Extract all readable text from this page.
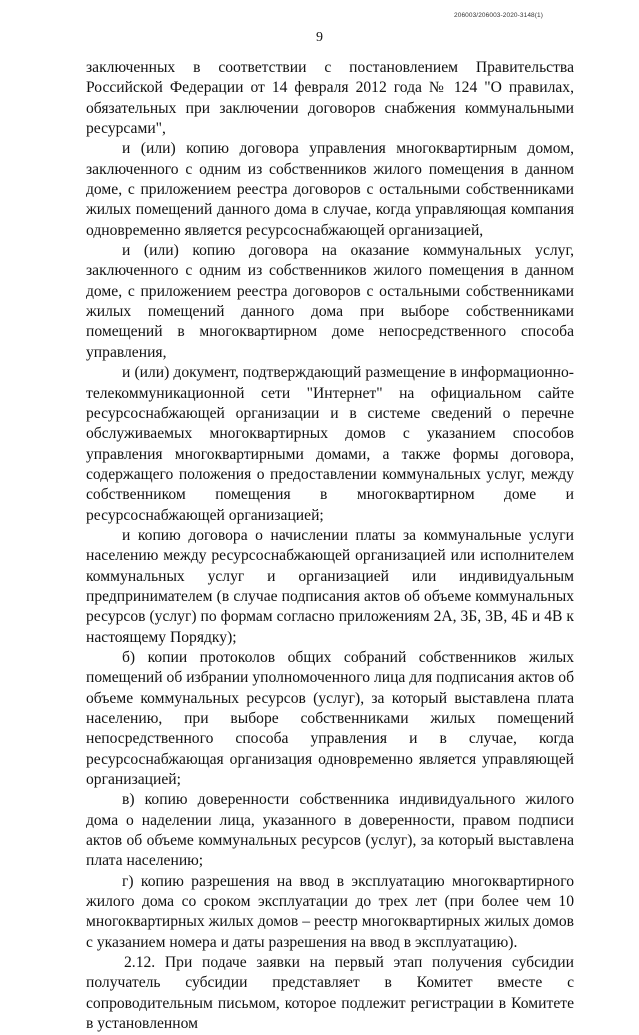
206003/206003-2020-3148(1)
9

заключенных в соответствии с постановлением Правительства Российской Федерации от 14 февраля 2012 года № 124 "О правилах, обязательных при заключении договоров снабжения коммунальными ресурсами",

и (или) копию договора управления многоквартирным домом, заключенного с одним из собственников жилого помещения в данном доме, с приложением реестра договоров с остальными собственниками жилых помещений данного дома в случае, когда управляющая компания одновременно является ресурсоснабжающей организацией,

и (или) копию договора на оказание коммунальных услуг, заключенного с одним из собственников жилого помещения в данном доме, с приложением реестра договоров с остальными собственниками жилых помещений данного дома при выборе собственниками помещений в многоквартирном доме непосредственного способа управления,

и (или) документ, подтверждающий размещение в информационно-телекоммуникационной сети "Интернет" на официальном сайте ресурсоснабжающей организации и в системе сведений о перечне обслуживаемых многоквартирных домов с указанием способов управления многоквартирными домами, а также формы договора, содержащего положения о предоставлении коммунальных услуг, между собственником помещения в многоквартирном доме и ресурсоснабжающей организацией;

и копию договора о начислении платы за коммунальные услуги населению между ресурсоснабжающей организацией или исполнителем коммунальных услуг и организацией или индивидуальным предпринимателем (в случае подписания актов об объеме коммунальных ресурсов (услуг) по формам согласно приложениям 2А, 3Б, 3В, 4Б и 4В к настоящему Порядку);

б) копии протоколов общих собраний собственников жилых помещений об избрании уполномоченного лица для подписания актов об объеме коммунальных ресурсов (услуг), за который выставлена плата населению, при выборе собственниками жилых помещений непосредственного способа управления и в случае, когда ресурсоснабжающая организация одновременно является управляющей организацией;

в) копию доверенности собственника индивидуального жилого дома о наделении лица, указанного в доверенности, правом подписи актов об объеме коммунальных ресурсов (услуг), за который выставлена плата населению;

г) копию разрешения на ввод в эксплуатацию многоквартирного жилого дома со сроком эксплуатации до трех лет (при более чем 10 многоквартирных жилых домов – реестр многоквартирных жилых домов с указанием номера и даты разрешения на ввод в эксплуатацию).

2.12. При подаче заявки на первый этап получения субсидии получатель субсидии представляет в Комитет вместе с сопроводительным письмом, которое подлежит регистрации в Комитете в установленном
